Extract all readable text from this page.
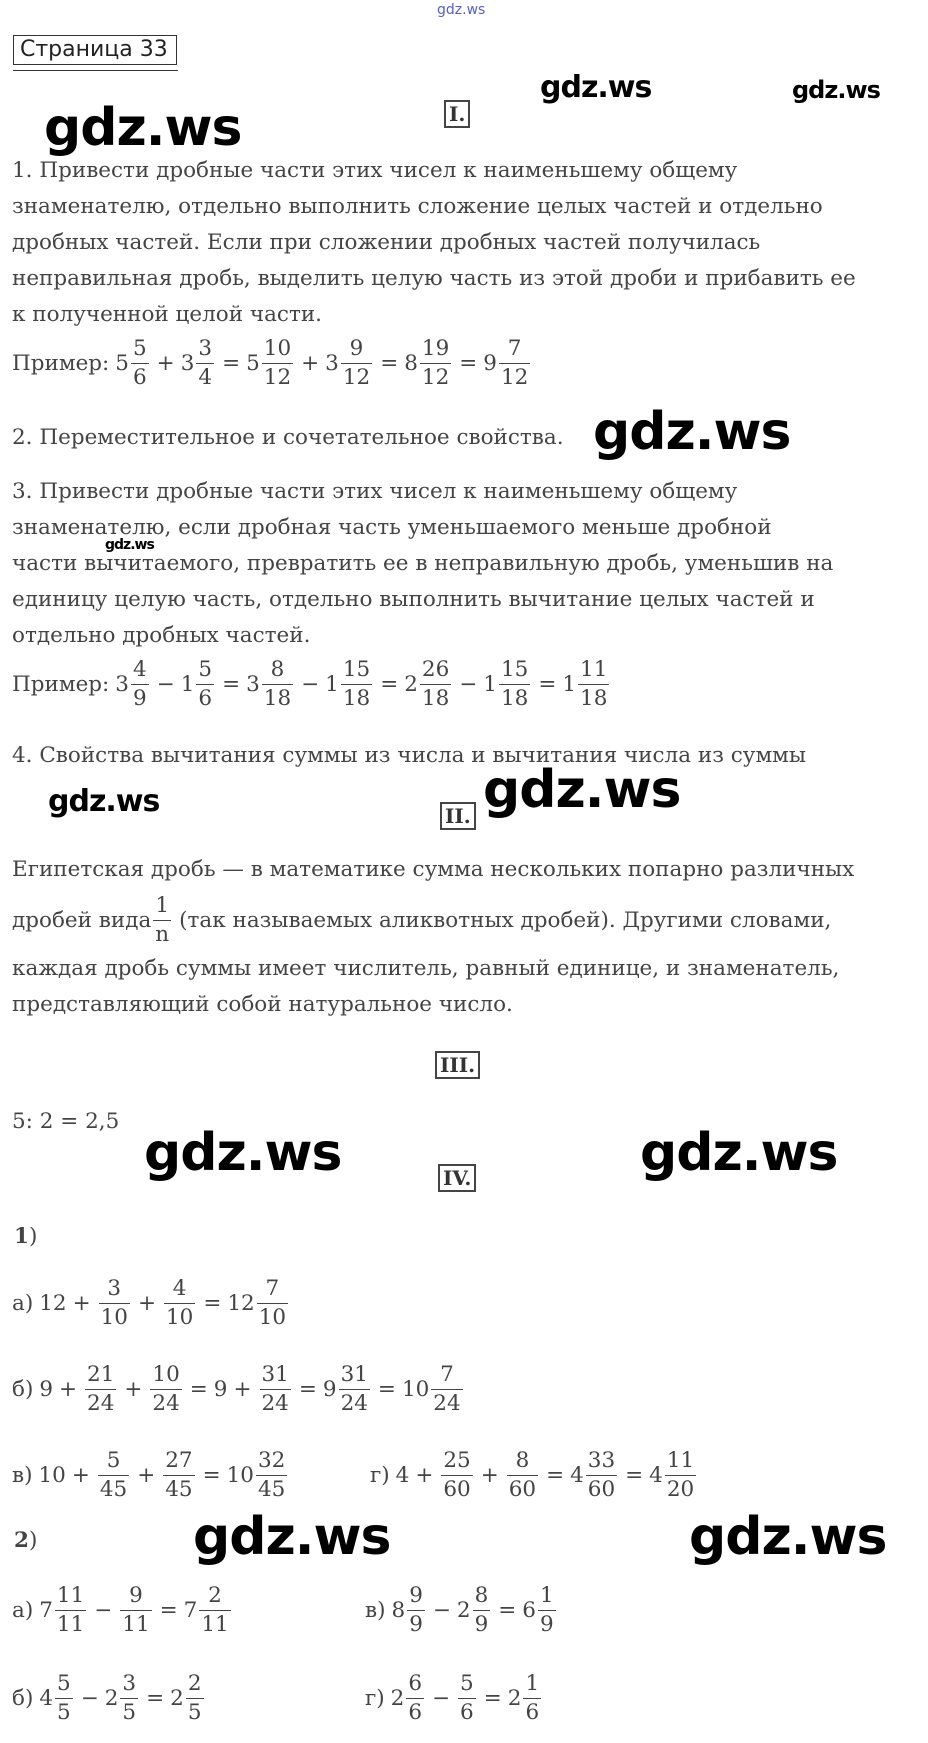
gdz.ws
gdz.ws
gdz.ws	gdz.ws
gdz.ws
gdz.ws
gdz.ws	gdz.ws
gdz.ws	gdz.ws
gdz.ws	gdz.ws
Страница 33
I.
1. Привести дробные части этих чисел к наименьшему общему
знаменателю, отдельно выполнить сложение целых частей и отдельно
дробных частей. Если при сложении дробных частей получилась
неправильная дробь, выделить целую часть из этой дроби и прибавить ее
к полученной целой части.
Пример: 5
5
6
+ $3 \frac{3}{4} = 5$
10
12
+ $3 \frac{9}{12} = 8 \frac{19}{12} = 9$
7
12
2. Переместительное и сочетательное свойства.
3. Привести дробные части этих чисел к наименьшему общему
знаменателю, если дробная часть уменьшаемого меньше дробной
части вычитаемого, превратить ее в неправильную дробь, уменьшив на
единицу целую часть, отдельно выполнить вычитание целых частей и
отдельно дробных частей.
Пример: 3
4
9
− $1 \frac{5}{6} = 3$
8
18
− $1 \frac{15}{18} = 2$
26
18
− $1 \frac{15}{18} = 1$
11
18
4. Свойства вычитания суммы из числа и вычитания числа из суммы
II.
Египетская дробь — в математике сумма нескольких попарно различных
дробей вида
1
n
(так называемых аликвотных дробей). Другими словами,
каждая дробь суммы имеет числитель, равный единице, и знаменатель,
представляющий собой натуральное число.
III.
5: 2 = 2,5
IV.
1 )
а) $12 + \frac{3}{10} + \frac{4}{10} = 12$
7
10
б) $9 + \frac{21}{24} + \frac{10}{24} = 9 + \frac{31}{24} = 9 \frac{31}{24} = 10$
7
24
в) $10 + \frac{5}{45} + \frac{27}{45} = 10$
32
45
г) $4 + \frac{25}{60} + \frac{8}{60} = 4 \frac{33}{60} = 4$
11
20
2 )
а) 7
11
11
− $\frac{9}{11} = 7$
2
11
в) 8
9
9
− $2 \frac{8}{9} = 6$
1
9
б) 4
5
5
− $2 \frac{3}{5} = 2$
2
5
г) 2
6
6
− $\frac{5}{6} = 2$
1
6
